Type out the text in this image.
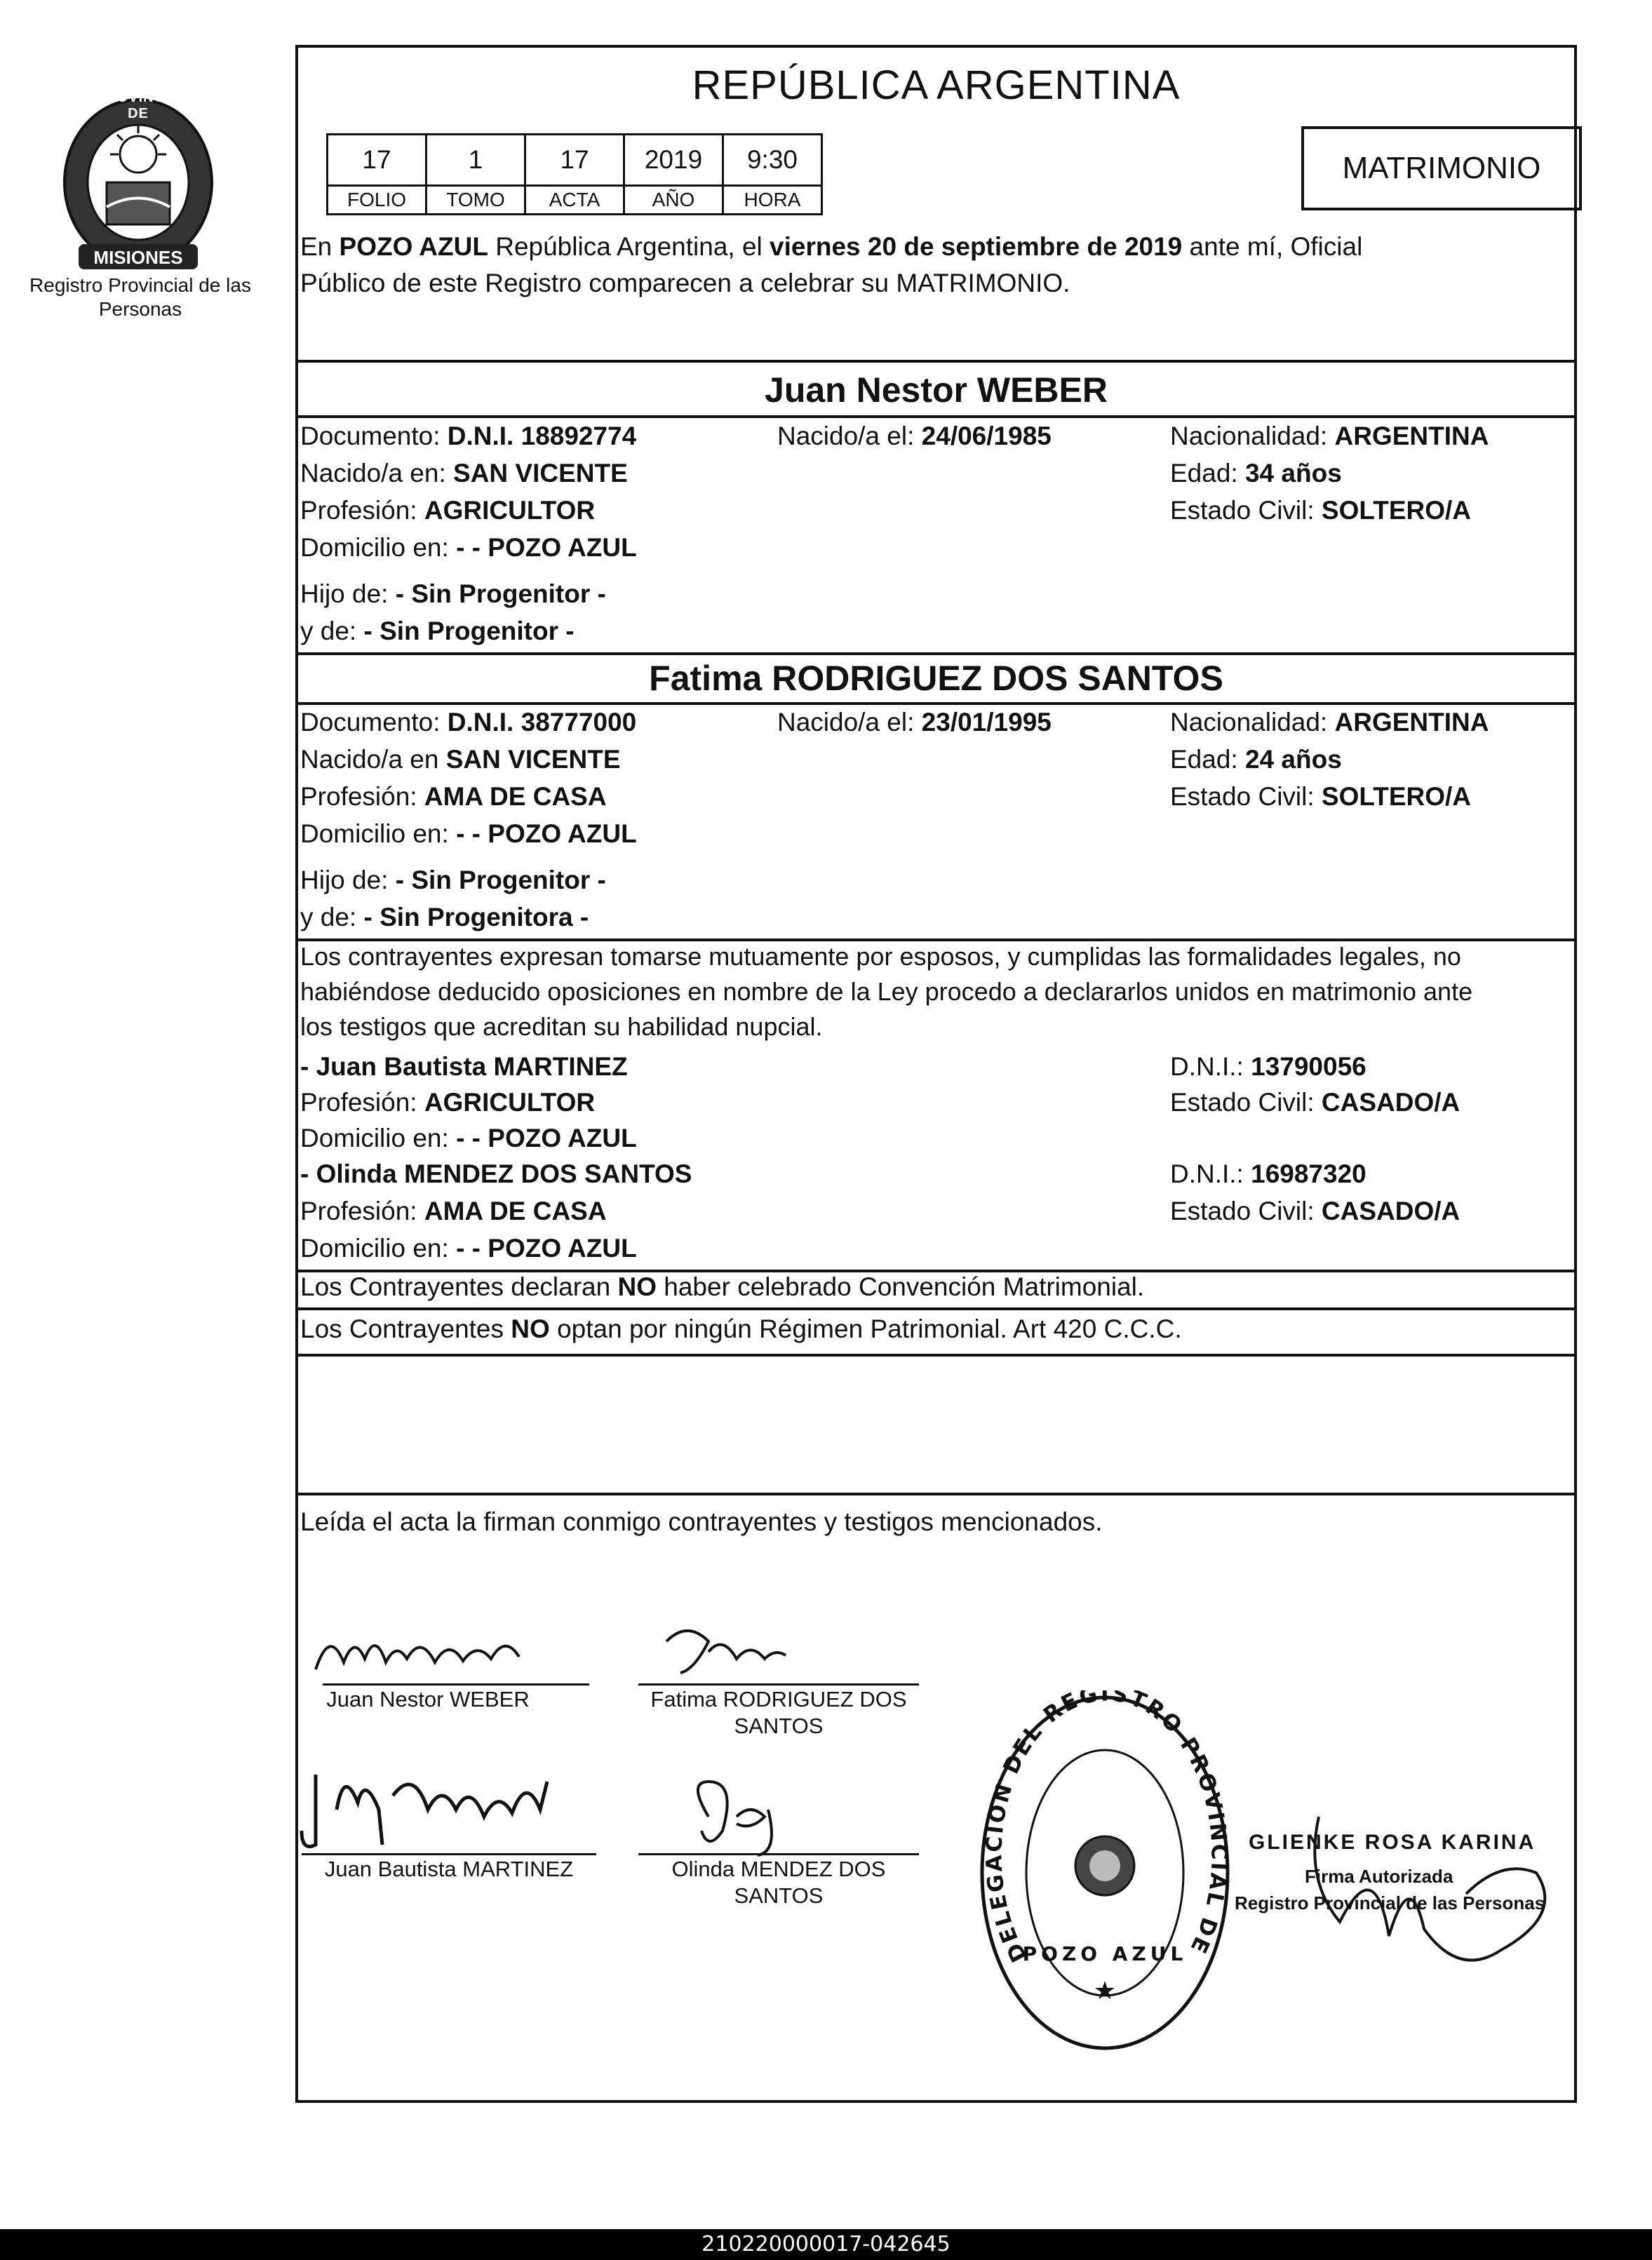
PROVINCIA DE
MISIONES
Registro Provincial de las Personas
REPÚBLICA ARGENTINA
17	1	17	2019	9:30
FOLIO	TOMO	ACTA	AÑO	HORA
MATRIMONIO
En POZO AZUL República Argentina, el viernes 20 de septiembre de 2019 ante mí, Oficial
Público de este Registro comparecen a celebrar su MATRIMONIO.
Juan Nestor WEBER
Documento: D.N.I. 18892774	Nacido/a el: 24/06/1985	Nacionalidad: ARGENTINA
Nacido/a en: SAN VICENTE	Edad: 34 años
Profesión: AGRICULTOR	Estado Civil: SOLTERO/A
Domicilio en: - - POZO AZUL
Hijo de: - Sin Progenitor -
y de: - Sin Progenitor -
Fatima RODRIGUEZ DOS SANTOS
Documento: D.N.I. 38777000	Nacido/a el: 23/01/1995	Nacionalidad: ARGENTINA
Nacido/a en SAN VICENTE	Edad: 24 años
Profesión: AMA DE CASA	Estado Civil: SOLTERO/A
Domicilio en: - - POZO AZUL
Hijo de: - Sin Progenitor -
y de: - Sin Progenitora -
Los contrayentes expresan tomarse mutuamente por esposos, y cumplidas las formalidades legales, no
habiéndose deducido oposiciones en nombre de la Ley procedo a declararlos unidos en matrimonio ante
los testigos que acreditan su habilidad nupcial.
- Juan Bautista MARTINEZ	D.N.I.: 13790056
Profesión: AGRICULTOR	Estado Civil: CASADO/A
Domicilio en: - - POZO AZUL
- Olinda MENDEZ DOS SANTOS	D.N.I.: 16987320
Profesión: AMA DE CASA	Estado Civil: CASADO/A
Domicilio en: - - POZO AZUL
Los Contrayentes declaran NO haber celebrado Convención Matrimonial.
Los Contrayentes NO optan por ningún Régimen Patrimonial. Art 420 C.C.C.
Leída el acta la firman conmigo contrayentes y testigos mencionados.
Juan Nestor WEBER	Fatima RODRIGUEZ DOS
SANTOS
Juan Bautista MARTINEZ	Olinda MENDEZ DOS
SANTOS
DELEGACION DEL REGISTRO PROVINCIAL DE
POZO AZUL
★
GLIENKE ROSA KARINA
Firma Autorizada
Registro Provincial de las Personas
210220000017-042645
